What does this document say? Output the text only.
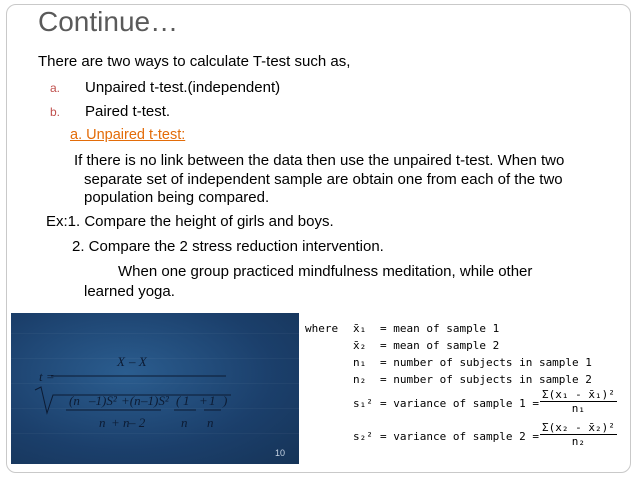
Continue…
There are two ways to calculate T-test such as,
a. Unpaired t-test.(independent)
b. Paired t-test.
a. Unpaired t-test:
If there is no link between the data then use the unpaired t-test. When two
separate set of independent sample are obtain one from each of the two
population being compared.
Ex:1. Compare the height of girls and boys.
2. Compare the 2 stress reduction intervention.
When one group practiced mindfulness meditation, while other
learned yoga.
t =
X – X
(n –1)S² +(n –1)S² ( 1 + 1 )
n + n – 2	n n
10
where x̄₁ = mean of sample 1
x̄₂ = mean of sample 2
n₁ = number of subjects in sample 1
n₂ = number of subjects in sample 2
s₁² = variance of sample $1 = \frac{\text{Σ(x₁ - x̄₁)²}}{\text{n₁}}$
s₂² = variance of sample $2 = \frac{\text{Σ(x₂ - x̄₂)²}}{\text{n₂}}$
